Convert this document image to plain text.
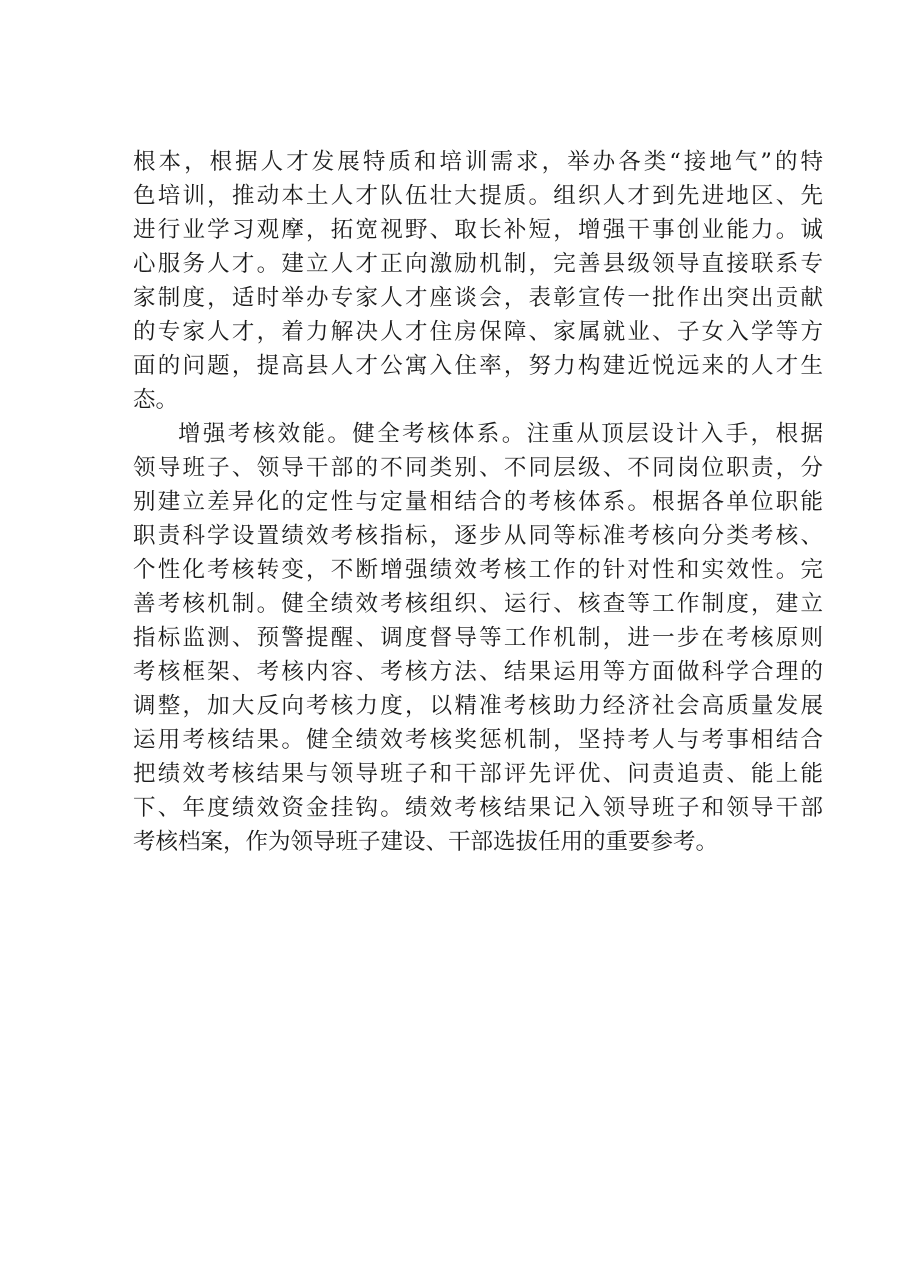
根本，根据人才发展特质和培训需求，举办各类“接地气”的特
色培训，推动本土人才队伍壮大提质。组织人才到先进地区、先
进行业学习观摩，拓宽视野、取长补短，增强干事创业能力。诚
心服务人才。建立人才正向激励机制，完善县级领导直接联系专
家制度，适时举办专家人才座谈会，表彰宣传一批作出突出贡献
的专家人才，着力解决人才住房保障、家属就业、子女入学等方
面的问题，提高县人才公寓入住率，努力构建近悦远来的人才生
态。
增强考核效能。健全考核体系。注重从顶层设计入手，根据
领导班子、领导干部的不同类别、不同层级、不同岗位职责，分
别建立差异化的定性与定量相结合的考核体系。根据各单位职能
职责科学设置绩效考核指标，逐步从同等标准考核向分类考核、
个性化考核转变，不断增强绩效考核工作的针对性和实效性。完
善考核机制。健全绩效考核组织、运行、核查等工作制度，建立
指标监测、预警提醒、调度督导等工作机制，进一步在考核原则
考核框架、考核内容、考核方法、结果运用等方面做科学合理的
调整，加大反向考核力度，以精准考核助力经济社会高质量发展
运用考核结果。健全绩效考核奖惩机制，坚持考人与考事相结合
把绩效考核结果与领导班子和干部评先评优、问责追责、能上能
下、年度绩效资金挂钩。绩效考核结果记入领导班子和领导干部
考核档案，作为领导班子建设、干部选拔任用的重要参考。
